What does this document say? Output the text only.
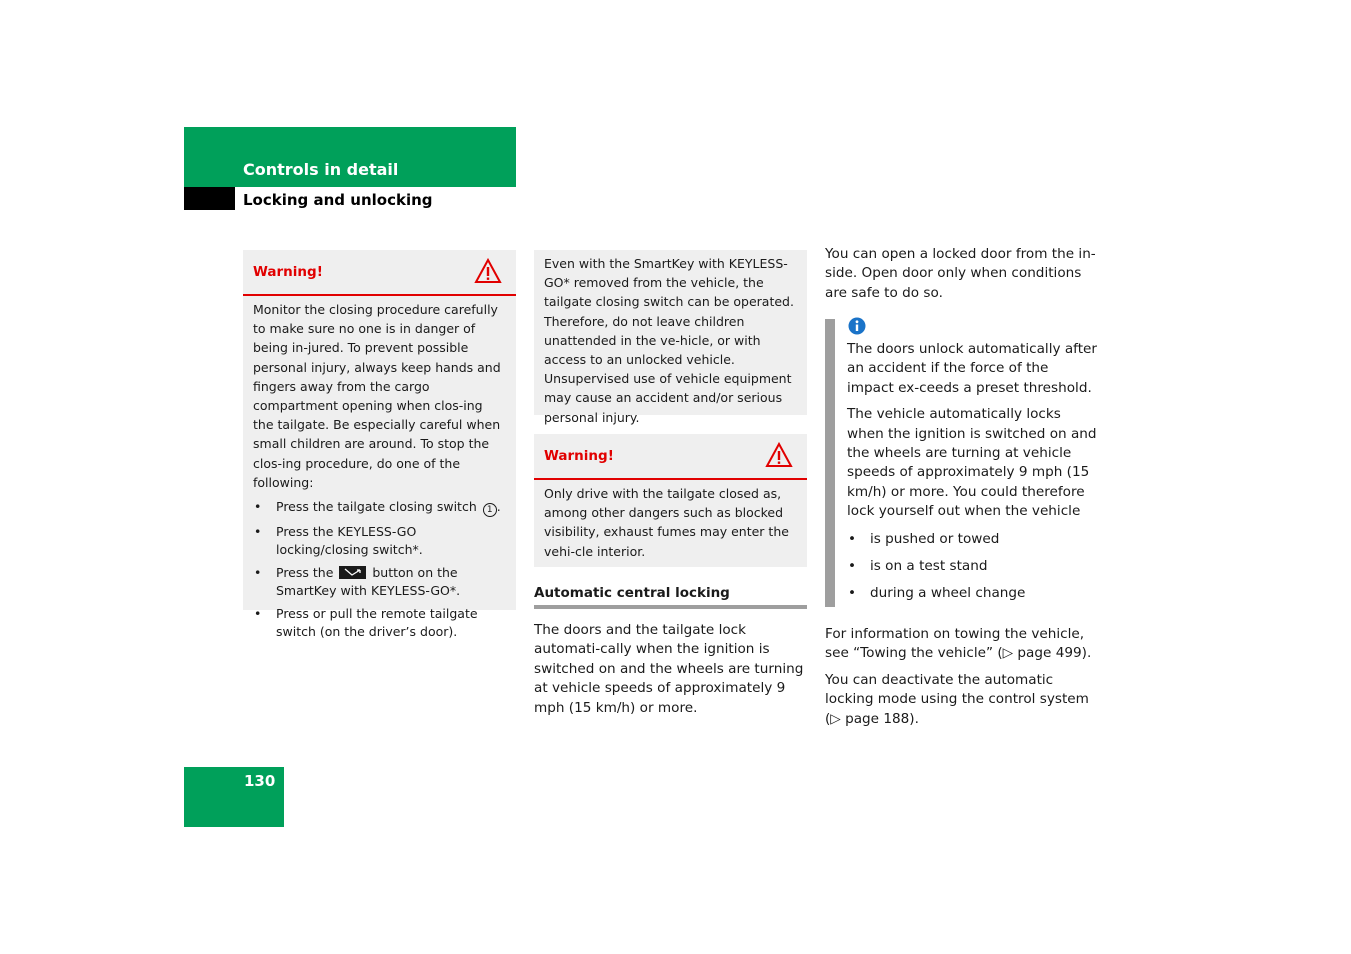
Controls in detail
Locking and unlocking
Warning!
Monitor the closing procedure carefully to make sure no one is in danger of being in-jured. To prevent possible personal injury, always keep hands and fingers away from the cargo compartment opening when clos-ing the tailgate. Be especially careful when small children are around. To stop the clos-ing procedure, do one of the following:
• Press the tailgate closing switch 1 .
• Press the KEYLESS-GO locking/closing switch*.
• Press the	button on the SmartKey with KEYLESS-GO*.
• Press or pull the remote tailgate switch (on the driver’s door).
Even with the SmartKey with KEYLESS-GO* removed from the vehicle, the tailgate closing switch can be operated. Therefore, do not leave children unattended in the ve-hicle, or with access to an unlocked vehicle. Unsupervised use of vehicle equipment may cause an accident and/or serious personal injury.
Warning!
Only drive with the tailgate closed as, among other dangers such as blocked visibility, exhaust fumes may enter the vehi-cle interior.
Automatic central locking

The doors and the tailgate lock automati-cally when the ignition is switched on and the wheels are turning at vehicle speeds of approximately 9 mph (15 km/h) or more.

You can open a locked door from the in-side. Open door only when conditions are safe to do so.

The doors unlock automatically after an accident if the force of the impact ex-ceeds a preset threshold.

The vehicle automatically locks when the ignition is switched on and the wheels are turning at vehicle speeds of approximately 9 mph (15 km/h) or more. You could therefore lock yourself out when the vehicle

• is pushed or towed
• is on a test stand
• during a wheel change

For information on towing the vehicle, see “Towing the vehicle” (▷ page 499).

You can deactivate the automatic locking mode using the control system (▷ page 188).

130
